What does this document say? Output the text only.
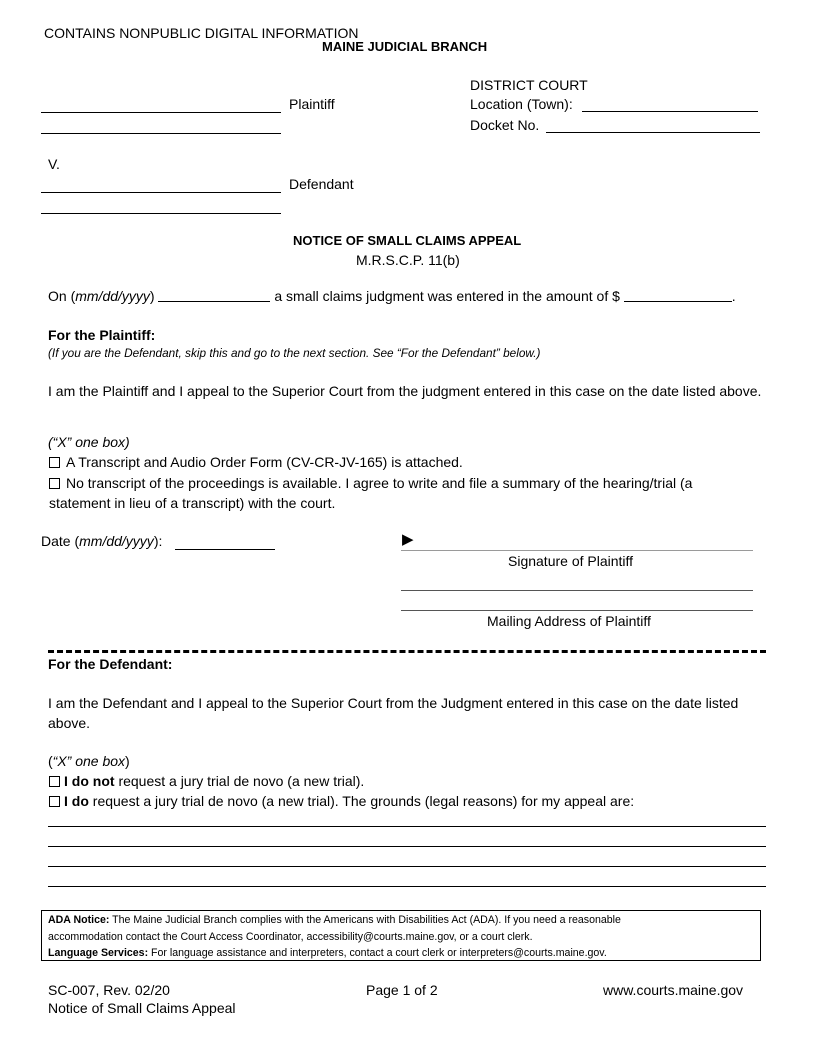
CONTAINS NONPUBLIC DIGITAL INFORMATION
MAINE JUDICIAL BRANCH
DISTRICT COURT
Location (Town):
Docket No.
Plaintiff
V.
Defendant
NOTICE OF SMALL CLAIMS APPEAL
M.R.S.C.P. 11(b)
On (mm/dd/yyyy)	a small claims judgment was entered in the amount of $	.
For the Plaintiff:
(If you are the Defendant, skip this and go to the next section. See “For the Defendant” below.)
I am the Plaintiff and I appeal to the Superior Court from the judgment entered in this case on the date listed above.
(“X” one box)
A Transcript and Audio Order Form (CV-CR-JV-165) is attached.
No transcript of the proceedings is available. I agree to write and file a summary of the hearing/trial (a statement in lieu of a transcript) with the court.
Date (mm/dd/yyyy):	▶
Signature of Plaintiff
Mailing Address of Plaintiff
For the Defendant:
I am the Defendant and I appeal to the Superior Court from the Judgment entered in this case on the date listed above.
(“X” one box)
I do not request a jury trial de novo (a new trial).
I do request a jury trial de novo (a new trial). The grounds (legal reasons) for my appeal are:
ADA Notice: The Maine Judicial Branch complies with the Americans with Disabilities Act (ADA). If you need a reasonable
accommodation contact the Court Access Coordinator, accessibility@courts.maine.gov, or a court clerk.
Language Services: For language assistance and interpreters, contact a court clerk or interpreters@courts.maine.gov.
SC-007, Rev. 02/20
Notice of Small Claims Appeal
Page 1 of 2	www.courts.maine.gov
